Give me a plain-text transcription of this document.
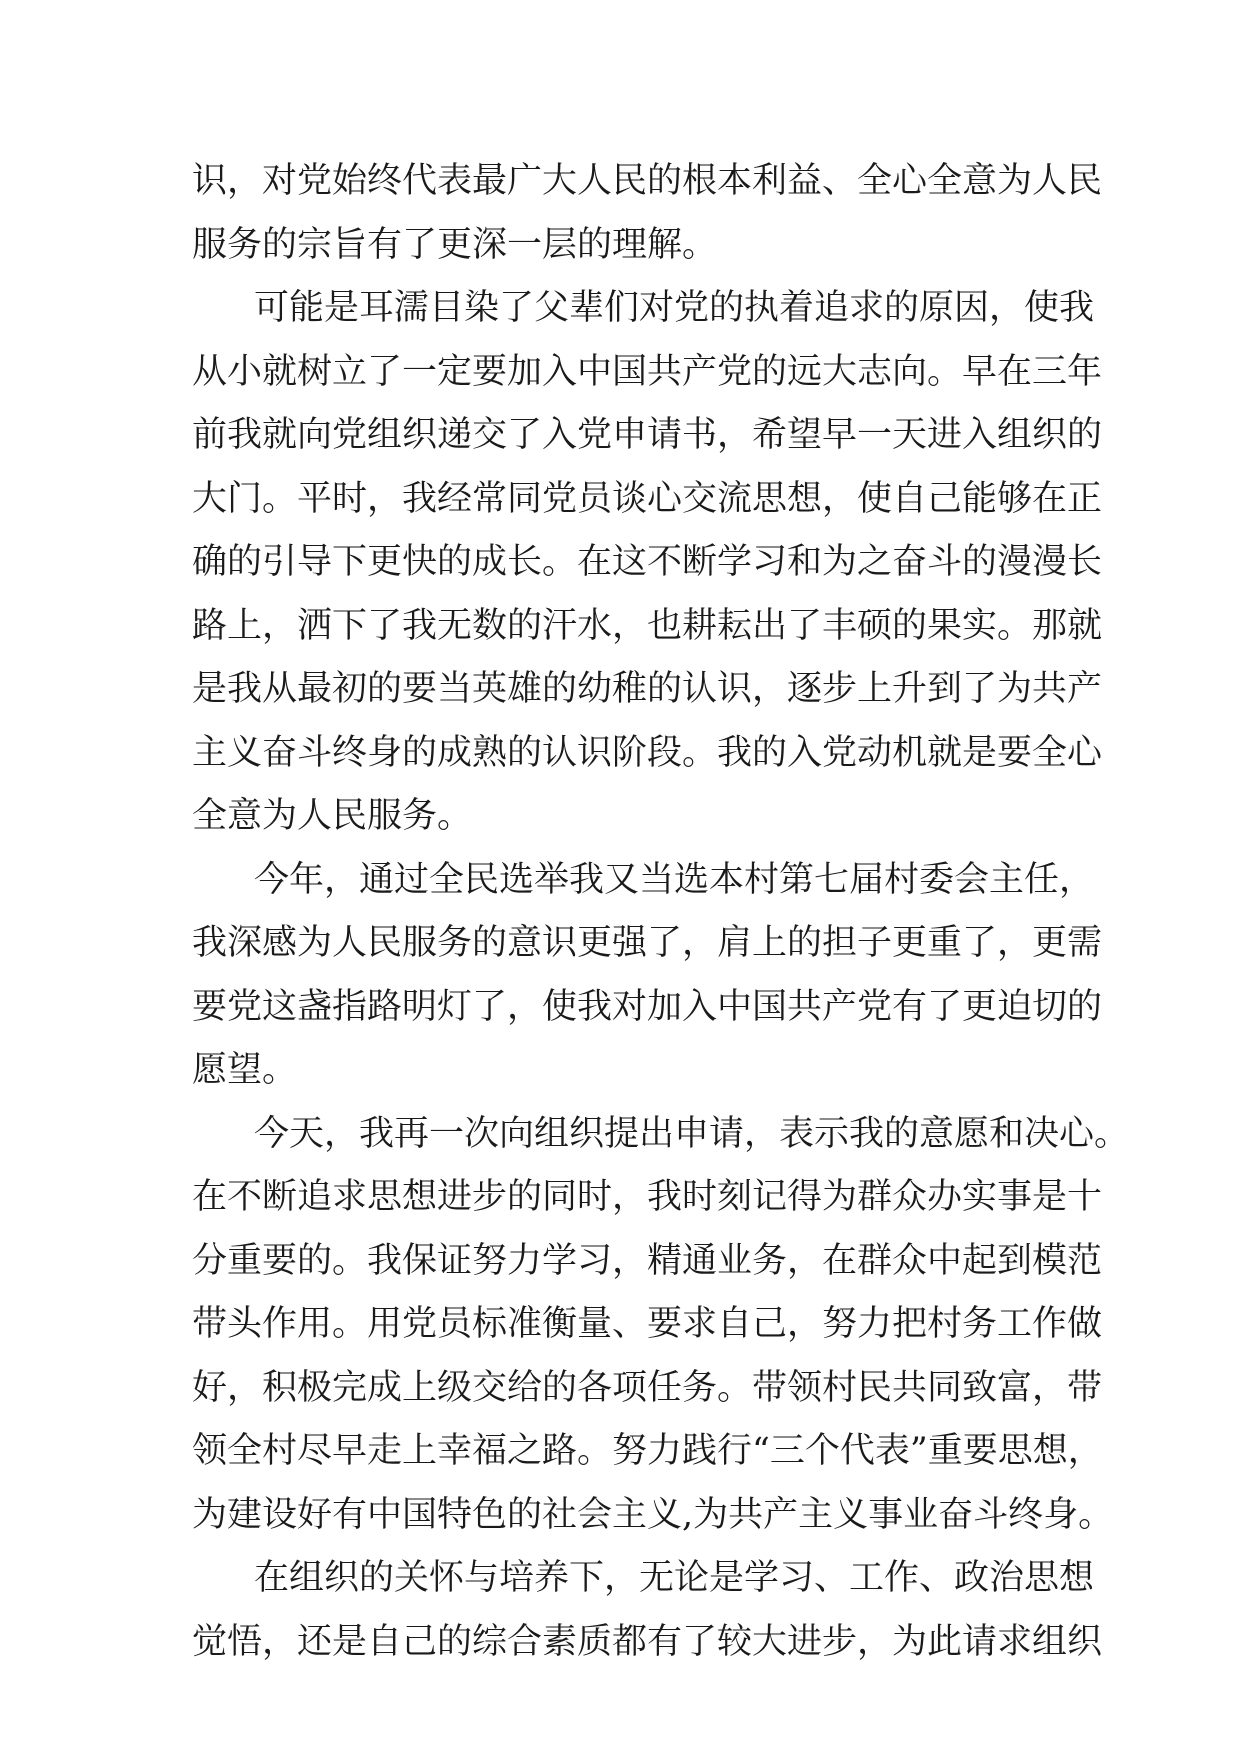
识，对党始终代表最广大人民的根本利益、全心全意为人民
服务的宗旨有了更深一层的理解。
可能是耳濡目染了父辈们对党的执着追求的原因，使我
从小就树立了一定要加入中国共产党的远大志向。早在三年
前我就向党组织递交了入党申请书，希望早一天进入组织的
大门。平时，我经常同党员谈心交流思想，使自己能够在正
确的引导下更快的成长。在这不断学习和为之奋斗的漫漫长
路上，洒下了我无数的汗水，也耕耘出了丰硕的果实。那就
是我从最初的要当英雄的幼稚的认识，逐步上升到了为共产
主义奋斗终身的成熟的认识阶段。我的入党动机就是要全心
全意为人民服务。
今年，通过全民选举我又当选本村第七届村委会主任，
我深感为人民服务的意识更强了，肩上的担子更重了，更需
要党这盏指路明灯了，使我对加入中国共产党有了更迫切的
愿望。
今天，我再一次向组织提出申请，表示我的意愿和决心。
在不断追求思想进步的同时，我时刻记得为群众办实事是十
分重要的。我保证努力学习，精通业务，在群众中起到模范
带头作用。用党员标准衡量、要求自己，努力把村务工作做
好，积极完成上级交给的各项任务。带领村民共同致富，带
领全村尽早走上幸福之路。努力践行“三个代表”重要思想，
为建设好有中国特色的社会主义,为共产主义事业奋斗终身。
在组织的关怀与培养下，无论是学习、工作、政治思想
觉悟，还是自己的综合素质都有了较大进步，为此请求组织
